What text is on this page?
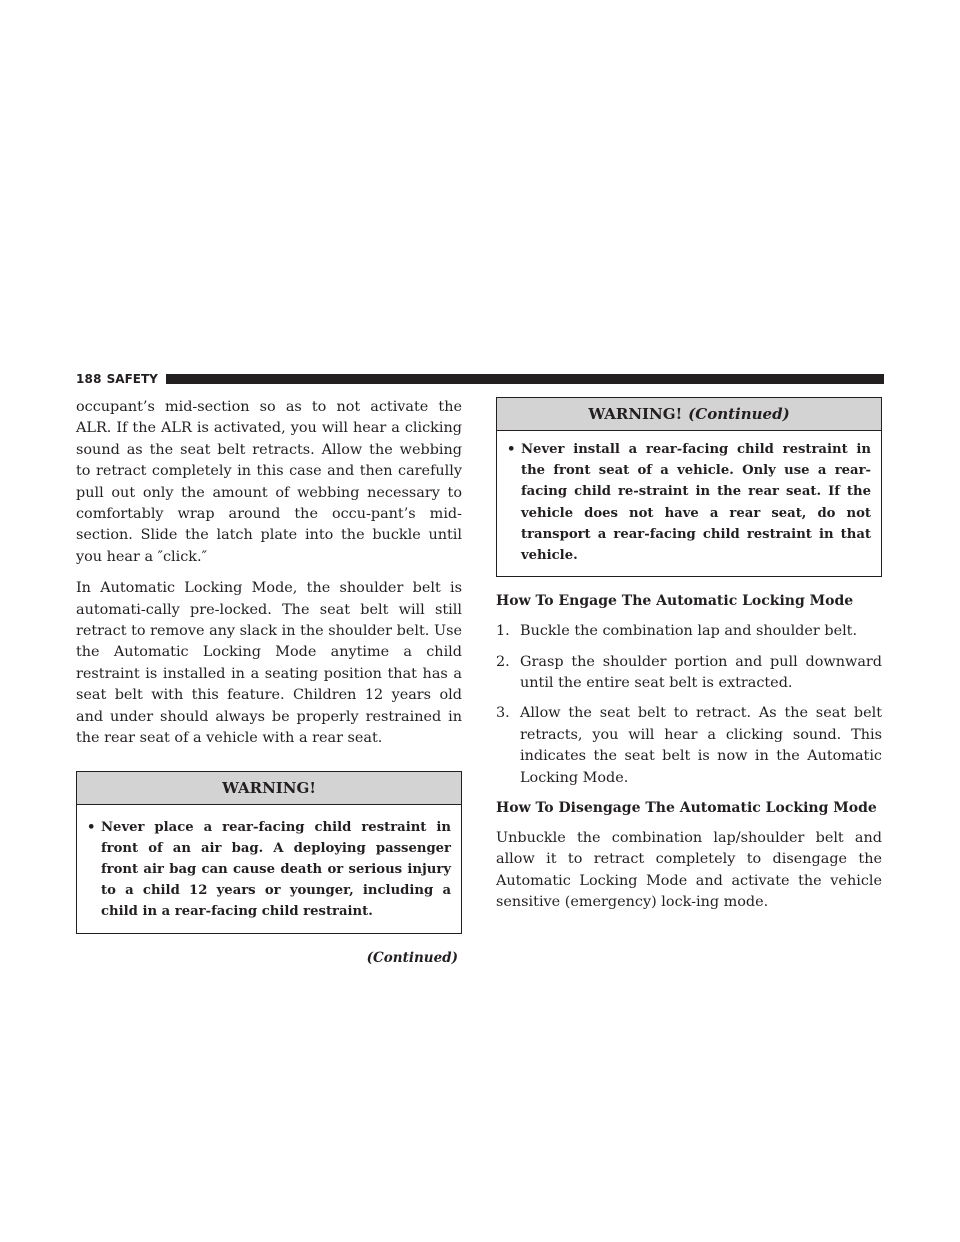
188 SAFETY

occupant’s mid-section so as to not activate the ALR. If the ALR is activated, you will hear a clicking sound as the seat belt retracts. Allow the webbing to retract completely in this case and then carefully pull out only the amount of webbing necessary to comfortably wrap around the occu-pant’s mid-section. Slide the latch plate into the buckle until you hear a ″click.″

In Automatic Locking Mode, the shoulder belt is automati-cally pre-locked. The seat belt will still retract to remove any slack in the shoulder belt. Use the Automatic Locking Mode anytime a child restraint is installed in a seating position that has a seat belt with this feature. Children 12 years old and under should always be properly restrained in the rear seat of a vehicle with a rear seat.

WARNING!
• Never place a rear-facing child restraint in front of an air bag. A deploying passenger front air bag can cause death or serious injury to a child 12 years or younger, including a child in a rear-facing child restraint.
(Continued)
WARNING! (Continued)
• Never install a rear-facing child restraint in the front seat of a vehicle. Only use a rear-facing child re-straint in the rear seat. If the vehicle does not have a rear seat, do not transport a rear-facing child restraint in that vehicle.
How To Engage The Automatic Locking Mode
1. Buckle the combination lap and shoulder belt.
2. Grasp the shoulder portion and pull downward until the entire seat belt is extracted.
3. Allow the seat belt to retract. As the seat belt retracts, you will hear a clicking sound. This indicates the seat belt is now in the Automatic Locking Mode.
How To Disengage The Automatic Locking Mode

Unbuckle the combination lap/shoulder belt and allow it to retract completely to disengage the Automatic Locking Mode and activate the vehicle sensitive (emergency) lock-ing mode.
